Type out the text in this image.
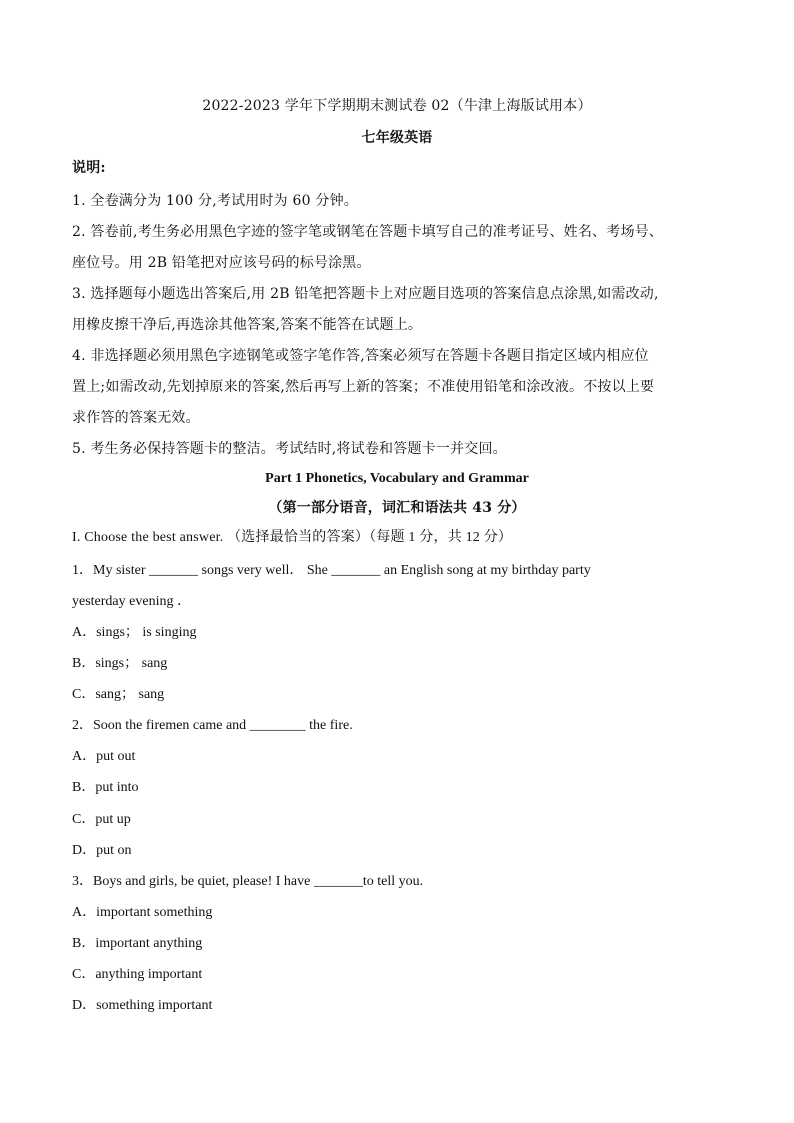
2022-2023 学年下学期期末测试卷 02（牛津上海版试用本）
七年级英语
说明:
1. 全卷满分为 100 分,考试用时为 60 分钟。
2. 答卷前,考生务必用黑色字迹的签字笔或钢笔在答题卡填写自己的准考证号、姓名、考场号、
座位号。用 2B 铅笔把对应该号码的标号涂黑。
3. 选择题每小题选出答案后,用 2B 铅笔把答题卡上对应题目选项的答案信息点涂黑,如需改动,
用橡皮擦干净后,再选涂其他答案,答案不能答在试题上。
4. 非选择题必须用黑色字迹钢笔或签字笔作答,答案必须写在答题卡各题目指定区域内相应位
置上;如需改动,先划掉原来的答案,然后再写上新的答案；不准使用铅笔和涂改液。不按以上要
求作答的答案无效。
5. 考生务必保持答题卡的整洁。考试结时,将试卷和答题卡一并交回。
Part 1 Phonetics, Vocabulary and Grammar
（第一部分语音，词汇和语法共 43 分）
I. Choose the best answer. （选择最恰当的答案）（每题 1 分，共 12 分）
1．My sister _______ songs very well． She _______ an English song at my birthday party
yesterday evening ．
A．sings； is singing
B．sings； sang
C．sang； sang
2．Soon the firemen came and ________ the fire.
A．put out
B．put into
C．put up
D．put on
3．Boys and girls, be quiet, please! I have _______to tell you.
A．important something
B．important anything
C．anything important
D．something important
